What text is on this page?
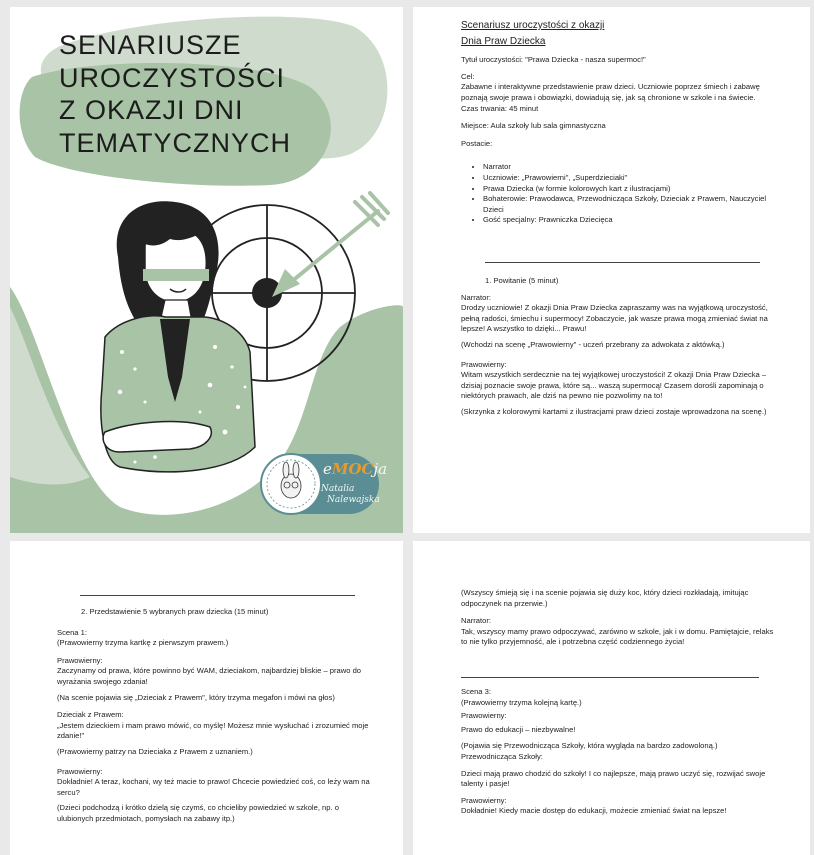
SENARIUSZE
UROCZYSTOŚCI
Z OKAZJI DNI
TEMATYCZNYCH
eMOCja
Natalia
Nalewajska

Scenariusz uroczystości z okazji

Dnia Praw Dziecka

Tytuł uroczystości: "Prawa Dziecka - nasza supermoc!"

Cel:

Zabawne i interaktywne przedstawienie praw dzieci. Uczniowie poprzez śmiech i zabawę poznają swoje prawa i obowiązki, dowiadują się, jak są chronione w szkole i na świecie.

Czas trwania: 45 minut

Miejsce: Aula szkoły lub sala gimnastyczna

Postacie:

• Narrator
• Uczniowie: „Prawowierni", „Superdzieciaki"
• Prawa Dziecka (w formie kolorowych kart z ilustracjami)
• Bohaterowie: Prawodawca, Przewodnicząca Szkoły, Dzieciak z Prawem, Nauczyciel Dzieci
• Gość specjalny: Prawniczka Dziecięca

1. Powitanie (5 minut)

Narrator:

Drodzy uczniowie! Z okazji Dnia Praw Dziecka zapraszamy was na wyjątkową uroczystość, pełną radości, śmiechu i supermocy! Zobaczycie, jak wasze prawa mogą zmieniać świat na lepsze! A wszystko to dzięki... Prawu!

(Wchodzi na scenę „Prawowierny" - uczeń przebrany za adwokata z aktówką.)

Prawowierny:

Witam wszystkich serdecznie na tej wyjątkowej uroczystości! Z okazji Dnia Praw Dziecka – dzisiaj poznacie swoje prawa, które są... waszą supermocą! Czasem dorośli zapominają o niektórych prawach, ale dziś na pewno nie pozwolimy na to!

(Skrzynka z kolorowymi kartami z ilustracjami praw dzieci zostaje wprowadzona na scenę.)

2. Przedstawienie 5 wybranych praw dziecka (15 minut)

Scena 1:

(Prawowierny trzyma kartkę z pierwszym prawem.)

Prawowierny:

Zaczynamy od prawa, które powinno być WAM, dzieciakom, najbardziej bliskie – prawo do wyrażania swojego zdania!

(Na scenie pojawia się „Dzieciak z Prawem", który trzyma megafon i mówi na głos)

Dzieciak z Prawem:

„Jestem dzieckiem i mam prawo mówić, co myślę! Możesz mnie wysłuchać i zrozumieć moje zdanie!"

(Prawowierny patrzy na Dzieciaka z Prawem z uznaniem.)

Prawowierny:

Dokładnie! A teraz, kochani, wy też macie to prawo! Chcecie powiedzieć coś, co leży wam na sercu?

(Dzieci podchodzą i krótko dzielą się czymś, co chcieliby powiedzieć w szkole, np. o ulubionych przedmiotach, pomysłach na zabawy itp.)

(Wszyscy śmieją się i na scenie pojawia się duży koc, który dzieci rozkładają, imitując odpoczynek na przerwie.)

Narrator:

Tak, wszyscy mamy prawo odpoczywać, zarówno w szkole, jak i w domu. Pamiętajcie, relaks to nie tylko przyjemność, ale i potrzebna część codziennego życia!

Scena 3:

(Prawowierny trzyma kolejną kartę.)

Prawowierny:

Prawo do edukacji – niezbywalne!

(Pojawia się Przewodnicząca Szkoły, która wygląda na bardzo zadowoloną.)

Przewodnicząca Szkoły:

Dzieci mają prawo chodzić do szkoły! I co najlepsze, mają prawo uczyć się, rozwijać swoje talenty i pasje!

Prawowierny:

Dokładnie! Kiedy macie dostęp do edukacji, możecie zmieniać świat na lepsze!
